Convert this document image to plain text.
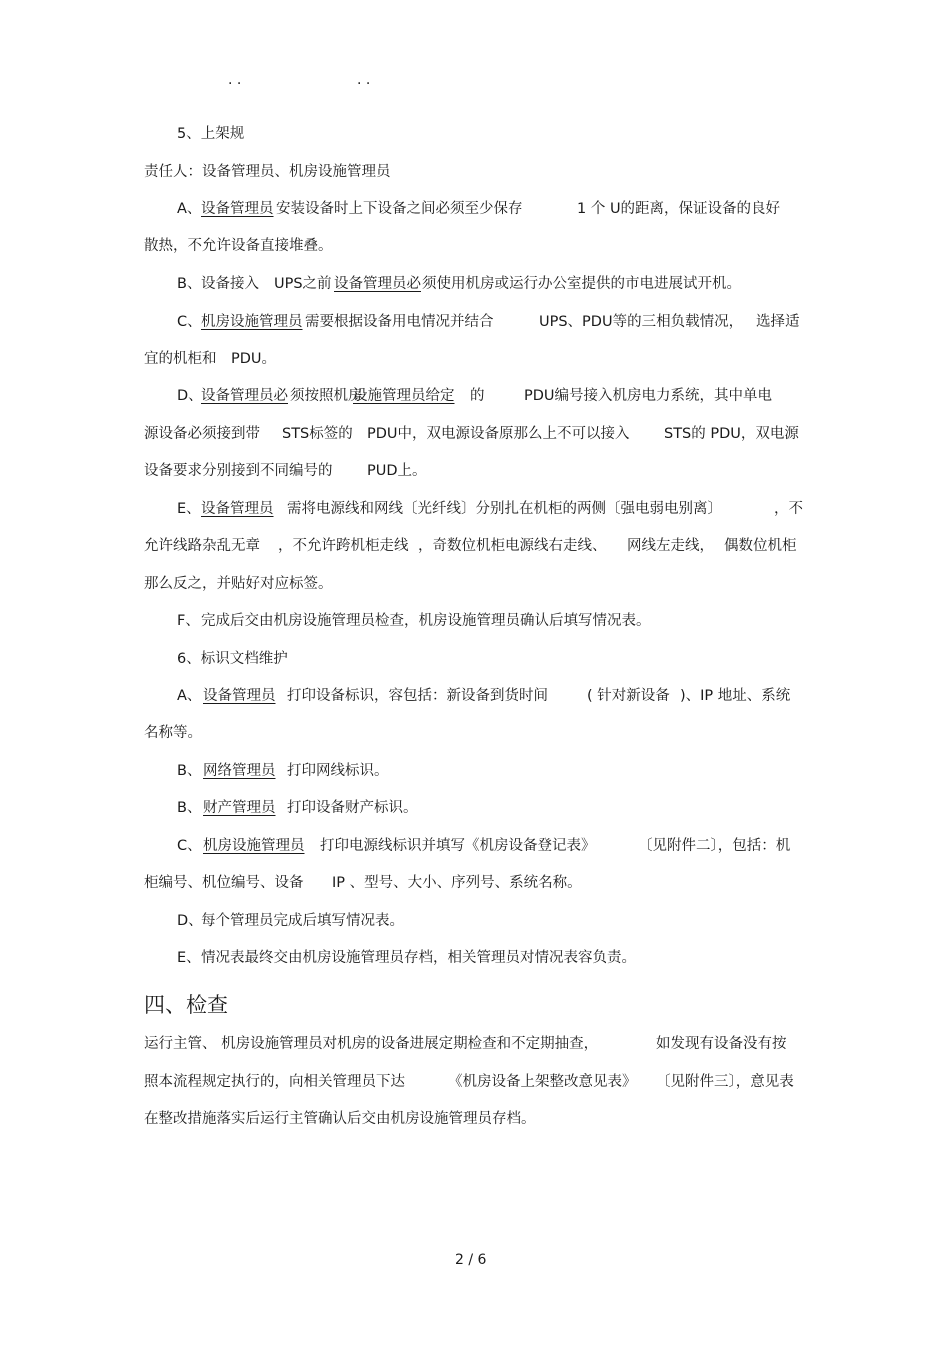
. .	. .
5、上架规
责任人：设备管理员、机房设施管理员
A、 设备管理员 安装设备时上下设备之间必须至少保存	1 个 U的距离，保证设备的良好
散热，不允许设备直接堆叠。
B、 设备接入 UPS之前 设备管理员必 须使用机房或运行办公室提供的市电进展试开机。
C、 机房设施管理员 需要根据设备用电情况并结合	UPS、PDU等的三相负载情况， 选择适
宜的机柜和 PDU。
D、
设备管理员必 须按照机房
设施管理员给定 的	PDU编号接入机房电力系统，其中单电
源设备必须接到带 STS标签的 PDU中，双电源设备原那么上不可以接入 STS的 PDU，双电源
设备要求分别接到不同编号的 PUD上。
E、 设备管理员 需将电源线和网线〔光纤线〕分别扎在机柜的两侧〔强电弱电别离〕	，不
允许线路杂乱无章 ，不允许跨机柜走线 ，奇数位机柜电源线右走线、 网线左走线， 偶数位机柜
那么反之，并贴好对应标签。
F、 完成后交由机房设施管理员检查，机房设施管理员确认后填写情况表。
6、标识文档维护
A、 设备管理员 打印设备标识，容包括：新设备到货时间	( 针对新设备 )、IP 地址、系统
名称等。
B、 网络管理员 打印网线标识。
B、 财产管理员 打印设备财产标识。
C、 机房设施管理员 打印电源线标识并填写《机房设备登记表》	〔见附件二〕，包括：机
柜编号、机位编号、设备 IP 、型号、大小、序列号、系统名称。
D、
每个管理员完成后填写情况表。
E、 情况表最终交由机房设施管理员存档，相关管理员对情况表容负责。
四、检查
运行主管、 机房设施管理员对机房的设备进展定期检查和不定期抽查，	如发现有设备没有按
照本流程规定执行的，向相关管理员下达	《机房设备上架整改意见表》 〔见附件三〕，意见表
在整改措施落实后运行主管确认后交由机房设施管理员存档。
2 / 6
